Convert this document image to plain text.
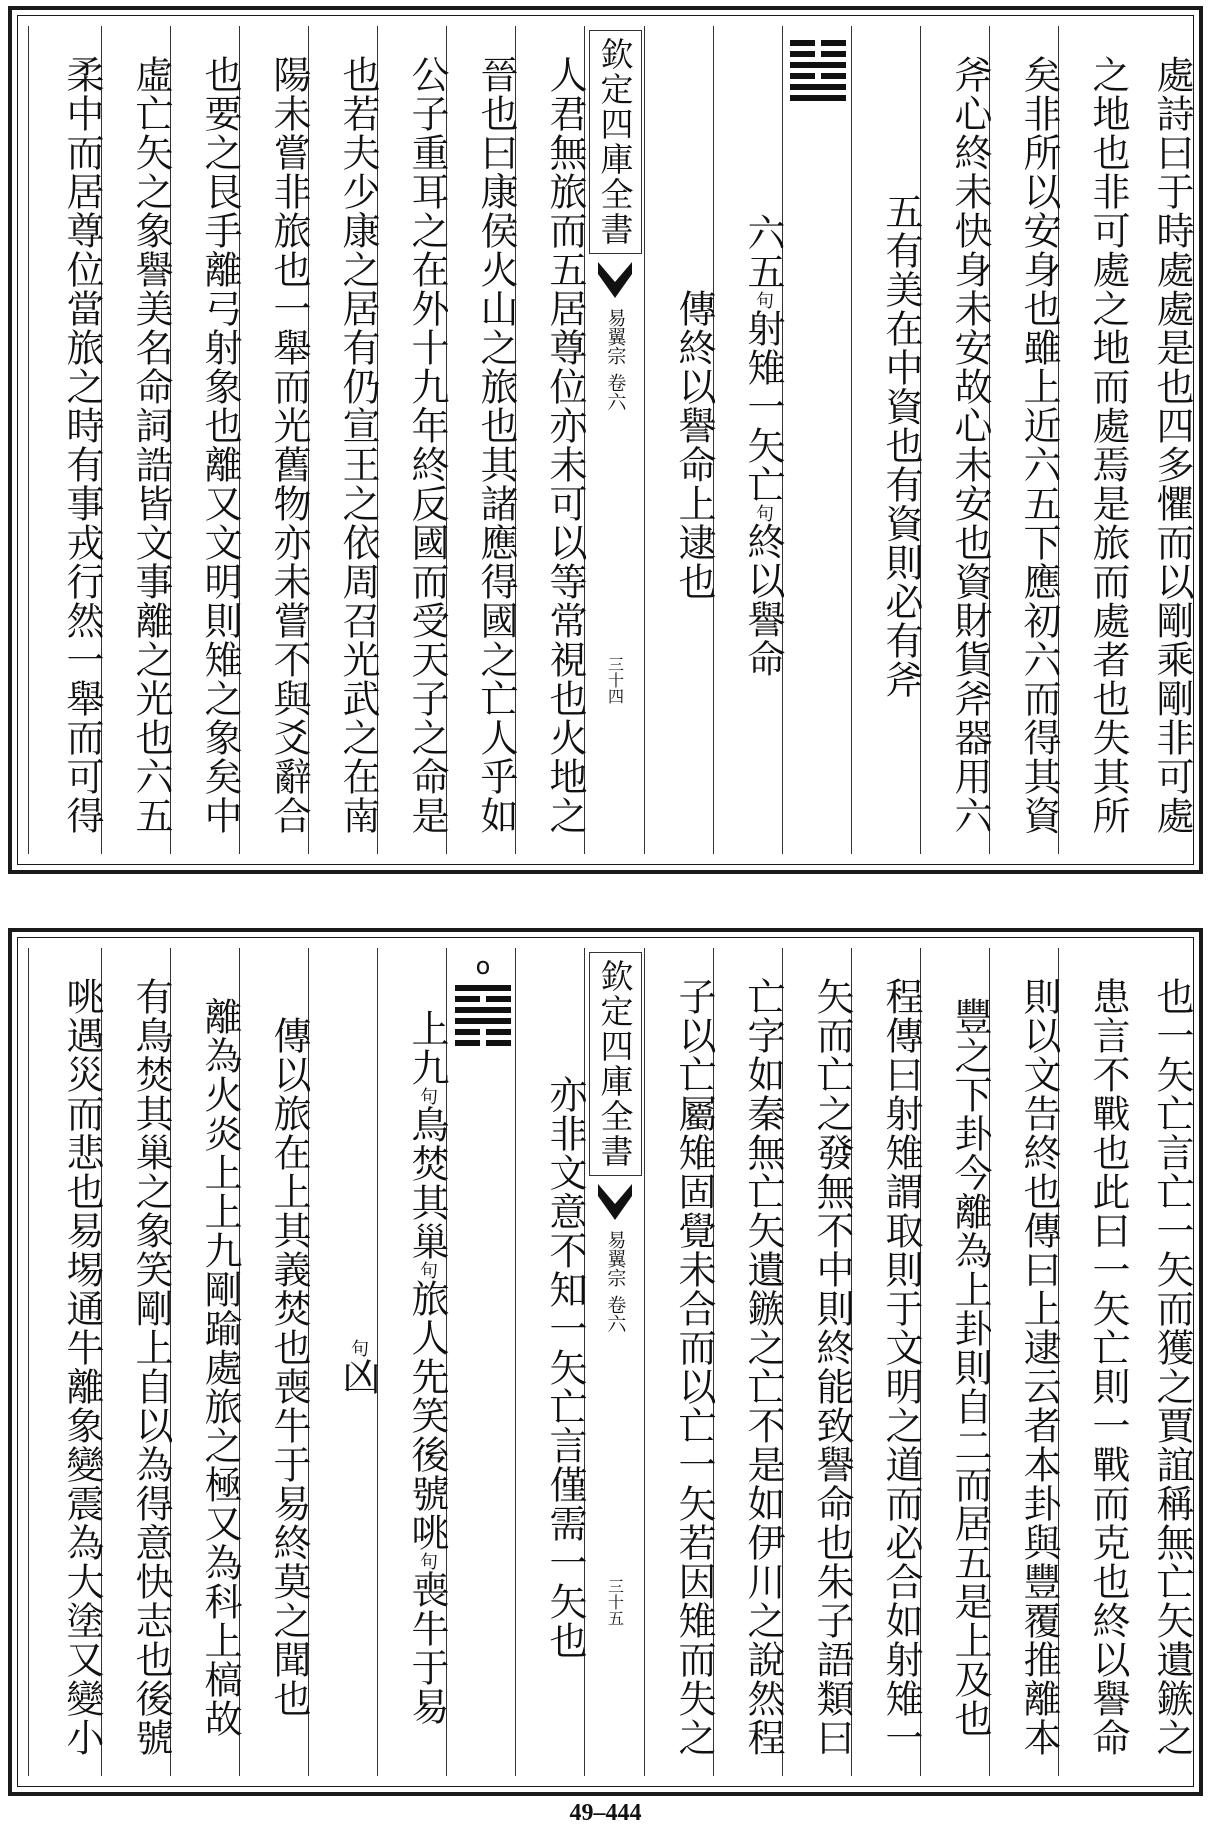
處詩曰于時處處是也四多懼而以剛乘剛非可處
之地也非可處之地而處焉是旅而處者也失其所
矣非所以安身也雖上近六五下應初六而得其資
斧心終未快身未安故心未安也資財貨斧器用六
五有美在中資也有資則必有斧
六五句射雉一矢亡句終以譽命
傳終以譽命上逮也
欽定四庫全書
易翼宗
卷六
三十四
人君無旅而五居尊位亦未可以等常視也火地之
晉也曰康侯火山之旅也其諸應得國之亡人乎如
公子重耳之在外十九年終反國而受天子之命是
也若夫少康之居有仍宣王之依周召光武之在南
陽未嘗非旅也一舉而光舊物亦未嘗不與爻辭合
也要之艮手離弓射象也離又文明則雉之象矣中
虛亡矢之象譽美名命詞誥皆文事離之光也六五
柔中而居尊位當旅之時有事戎行然一舉而可得
也一矢亡言亡一矢而獲之賈誼稱無亡矢遺鏃之
患言不戰也此曰一矢亡則一戰而克也終以譽命
則以文告終也傳曰上逮云者本卦與豐覆推離本
豐之下卦今離為上卦則自二而居五是上及也
程傳曰射雉謂取則于文明之道而必合如射雉一
矢而亡之發無不中則終能致譽命也朱子語類曰
亡字如秦無亡矢遺鏃之亡不是如伊川之說然程
子以亡屬雉固覺未合而以亡一矢若因雉而失之
欽定四庫全書
易翼宗
卷六
三十五
亦非文意不知一矢亡言僅需一矢也
上九句鳥焚其巢句旅人先笑後號咷句喪牛于易
句凶
傳以旅在上其義焚也喪牛于易終莫之聞也
離為火炎上上九剛踰處旅之極又為科上槁故
有鳥焚其巢之象笑剛上自以為得意快志也後號
咷遇災而悲也易埸通牛離象變震為大塗又變小
o
49–444
